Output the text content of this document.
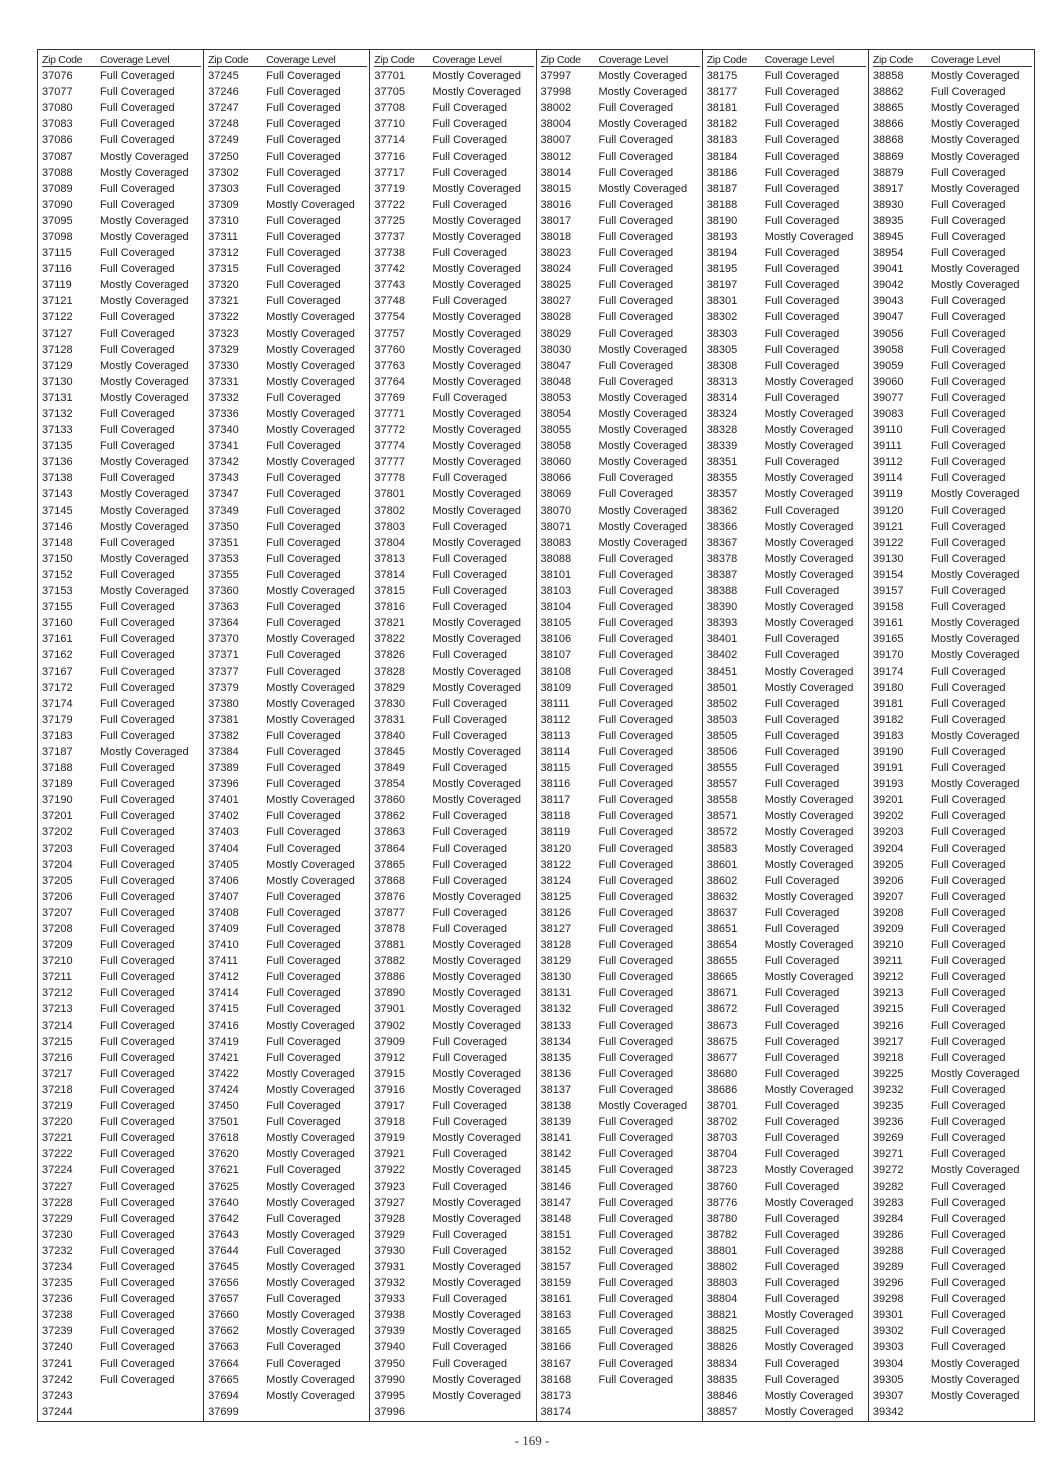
Zip Code	Coverage Level
37076	Full Coveraged
37077	Full Coveraged
37080	Full Coveraged
37083	Full Coveraged
37086	Full Coveraged
37087	Mostly Coveraged
37088	Mostly Coveraged
37089	Full Coveraged
37090	Full Coveraged
37095	Mostly Coveraged
37098	Mostly Coveraged
37115	Full Coveraged
37116	Full Coveraged
37119	Mostly Coveraged
37121	Mostly Coveraged
37122	Full Coveraged
37127	Full Coveraged
37128	Full Coveraged
37129	Mostly Coveraged
37130	Mostly Coveraged
37131	Mostly Coveraged
37132	Full Coveraged
37133	Full Coveraged
37135	Full Coveraged
37136	Mostly Coveraged
37138	Full Coveraged
37143	Mostly Coveraged
37145	Mostly Coveraged
37146	Mostly Coveraged
37148	Full Coveraged
37150	Mostly Coveraged
37152	Full Coveraged
37153	Mostly Coveraged
37155	Full Coveraged
37160	Full Coveraged
37161	Full Coveraged
37162	Full Coveraged
37167	Full Coveraged
37172	Full Coveraged
37174	Full Coveraged
37179	Full Coveraged
37183	Full Coveraged
37187	Mostly Coveraged
37188	Full Coveraged
37189	Full Coveraged
37190	Full Coveraged
37201	Full Coveraged
37202	Full Coveraged
37203	Full Coveraged
37204	Full Coveraged
37205	Full Coveraged
37206	Full Coveraged
37207	Full Coveraged
37208	Full Coveraged
37209	Full Coveraged
37210	Full Coveraged
37211	Full Coveraged
37212	Full Coveraged
37213	Full Coveraged
37214	Full Coveraged
37215	Full Coveraged
37216	Full Coveraged
37217	Full Coveraged
37218	Full Coveraged
37219	Full Coveraged
37220	Full Coveraged
37221	Full Coveraged
37222	Full Coveraged
37224	Full Coveraged
37227	Full Coveraged
37228	Full Coveraged
37229	Full Coveraged
37230	Full Coveraged
37232	Full Coveraged
37234	Full Coveraged
37235	Full Coveraged
37236	Full Coveraged
37238	Full Coveraged
37239	Full Coveraged
37240	Full Coveraged
37241	Full Coveraged
37242	Full Coveraged
37243
37244
Zip Code	Coverage Level
37245	Full Coveraged
37246	Full Coveraged
37247	Full Coveraged
37248	Full Coveraged
37249	Full Coveraged
37250	Full Coveraged
37302	Full Coveraged
37303	Full Coveraged
37309	Mostly Coveraged
37310	Full Coveraged
37311	Full Coveraged
37312	Full Coveraged
37315	Full Coveraged
37320	Full Coveraged
37321	Full Coveraged
37322	Mostly Coveraged
37323	Mostly Coveraged
37329	Mostly Coveraged
37330	Mostly Coveraged
37331	Mostly Coveraged
37332	Full Coveraged
37336	Mostly Coveraged
37340	Mostly Coveraged
37341	Full Coveraged
37342	Mostly Coveraged
37343	Full Coveraged
37347	Full Coveraged
37349	Full Coveraged
37350	Full Coveraged
37351	Full Coveraged
37353	Full Coveraged
37355	Full Coveraged
37360	Mostly Coveraged
37363	Full Coveraged
37364	Full Coveraged
37370	Mostly Coveraged
37371	Full Coveraged
37377	Full Coveraged
37379	Mostly Coveraged
37380	Mostly Coveraged
37381	Mostly Coveraged
37382	Full Coveraged
37384	Full Coveraged
37389	Full Coveraged
37396	Full Coveraged
37401	Mostly Coveraged
37402	Full Coveraged
37403	Full Coveraged
37404	Full Coveraged
37405	Mostly Coveraged
37406	Mostly Coveraged
37407	Full Coveraged
37408	Full Coveraged
37409	Full Coveraged
37410	Full Coveraged
37411	Full Coveraged
37412	Full Coveraged
37414	Full Coveraged
37415	Full Coveraged
37416	Mostly Coveraged
37419	Full Coveraged
37421	Full Coveraged
37422	Mostly Coveraged
37424	Mostly Coveraged
37450	Full Coveraged
37501	Full Coveraged
37618	Mostly Coveraged
37620	Mostly Coveraged
37621	Full Coveraged
37625	Mostly Coveraged
37640	Mostly Coveraged
37642	Full Coveraged
37643	Mostly Coveraged
37644	Full Coveraged
37645	Mostly Coveraged
37656	Mostly Coveraged
37657	Full Coveraged
37660	Mostly Coveraged
37662	Mostly Coveraged
37663	Full Coveraged
37664	Full Coveraged
37665	Mostly Coveraged
37694	Mostly Coveraged
37699
Zip Code	Coverage Level
37701	Mostly Coveraged
37705	Mostly Coveraged
37708	Full Coveraged
37710	Full Coveraged
37714	Full Coveraged
37716	Full Coveraged
37717	Full Coveraged
37719	Mostly Coveraged
37722	Full Coveraged
37725	Mostly Coveraged
37737	Mostly Coveraged
37738	Full Coveraged
37742	Mostly Coveraged
37743	Mostly Coveraged
37748	Full Coveraged
37754	Mostly Coveraged
37757	Mostly Coveraged
37760	Mostly Coveraged
37763	Mostly Coveraged
37764	Mostly Coveraged
37769	Full Coveraged
37771	Mostly Coveraged
37772	Mostly Coveraged
37774	Mostly Coveraged
37777	Mostly Coveraged
37778	Full Coveraged
37801	Mostly Coveraged
37802	Mostly Coveraged
37803	Full Coveraged
37804	Mostly Coveraged
37813	Full Coveraged
37814	Full Coveraged
37815	Full Coveraged
37816	Full Coveraged
37821	Mostly Coveraged
37822	Mostly Coveraged
37826	Full Coveraged
37828	Mostly Coveraged
37829	Mostly Coveraged
37830	Full Coveraged
37831	Full Coveraged
37840	Full Coveraged
37845	Mostly Coveraged
37849	Full Coveraged
37854	Mostly Coveraged
37860	Mostly Coveraged
37862	Full Coveraged
37863	Full Coveraged
37864	Full Coveraged
37865	Full Coveraged
37868	Full Coveraged
37876	Mostly Coveraged
37877	Full Coveraged
37878	Full Coveraged
37881	Mostly Coveraged
37882	Mostly Coveraged
37886	Mostly Coveraged
37890	Mostly Coveraged
37901	Mostly Coveraged
37902	Mostly Coveraged
37909	Full Coveraged
37912	Full Coveraged
37915	Mostly Coveraged
37916	Mostly Coveraged
37917	Full Coveraged
37918	Full Coveraged
37919	Mostly Coveraged
37921	Full Coveraged
37922	Mostly Coveraged
37923	Full Coveraged
37927	Mostly Coveraged
37928	Mostly Coveraged
37929	Full Coveraged
37930	Full Coveraged
37931	Mostly Coveraged
37932	Mostly Coveraged
37933	Full Coveraged
37938	Mostly Coveraged
37939	Mostly Coveraged
37940	Full Coveraged
37950	Full Coveraged
37990	Mostly Coveraged
37995	Mostly Coveraged
37996
Zip Code	Coverage Level
37997	Mostly Coveraged
37998	Mostly Coveraged
38002	Full Coveraged
38004	Mostly Coveraged
38007	Full Coveraged
38012	Full Coveraged
38014	Full Coveraged
38015	Mostly Coveraged
38016	Full Coveraged
38017	Full Coveraged
38018	Full Coveraged
38023	Full Coveraged
38024	Full Coveraged
38025	Full Coveraged
38027	Full Coveraged
38028	Full Coveraged
38029	Full Coveraged
38030	Mostly Coveraged
38047	Full Coveraged
38048	Full Coveraged
38053	Mostly Coveraged
38054	Mostly Coveraged
38055	Mostly Coveraged
38058	Mostly Coveraged
38060	Mostly Coveraged
38066	Full Coveraged
38069	Full Coveraged
38070	Mostly Coveraged
38071	Mostly Coveraged
38083	Mostly Coveraged
38088	Full Coveraged
38101	Full Coveraged
38103	Full Coveraged
38104	Full Coveraged
38105	Full Coveraged
38106	Full Coveraged
38107	Full Coveraged
38108	Full Coveraged
38109	Full Coveraged
38111	Full Coveraged
38112	Full Coveraged
38113	Full Coveraged
38114	Full Coveraged
38115	Full Coveraged
38116	Full Coveraged
38117	Full Coveraged
38118	Full Coveraged
38119	Full Coveraged
38120	Full Coveraged
38122	Full Coveraged
38124	Full Coveraged
38125	Full Coveraged
38126	Full Coveraged
38127	Full Coveraged
38128	Full Coveraged
38129	Full Coveraged
38130	Full Coveraged
38131	Full Coveraged
38132	Full Coveraged
38133	Full Coveraged
38134	Full Coveraged
38135	Full Coveraged
38136	Full Coveraged
38137	Full Coveraged
38138	Mostly Coveraged
38139	Full Coveraged
38141	Full Coveraged
38142	Full Coveraged
38145	Full Coveraged
38146	Full Coveraged
38147	Full Coveraged
38148	Full Coveraged
38151	Full Coveraged
38152	Full Coveraged
38157	Full Coveraged
38159	Full Coveraged
38161	Full Coveraged
38163	Full Coveraged
38165	Full Coveraged
38166	Full Coveraged
38167	Full Coveraged
38168	Full Coveraged
38173
38174
Zip Code	Coverage Level
38175	Full Coveraged
38177	Full Coveraged
38181	Full Coveraged
38182	Full Coveraged
38183	Full Coveraged
38184	Full Coveraged
38186	Full Coveraged
38187	Full Coveraged
38188	Full Coveraged
38190	Full Coveraged
38193	Mostly Coveraged
38194	Full Coveraged
38195	Full Coveraged
38197	Full Coveraged
38301	Full Coveraged
38302	Full Coveraged
38303	Full Coveraged
38305	Full Coveraged
38308	Full Coveraged
38313	Mostly Coveraged
38314	Full Coveraged
38324	Mostly Coveraged
38328	Mostly Coveraged
38339	Mostly Coveraged
38351	Full Coveraged
38355	Mostly Coveraged
38357	Mostly Coveraged
38362	Full Coveraged
38366	Mostly Coveraged
38367	Mostly Coveraged
38378	Mostly Coveraged
38387	Mostly Coveraged
38388	Full Coveraged
38390	Mostly Coveraged
38393	Mostly Coveraged
38401	Full Coveraged
38402	Full Coveraged
38451	Mostly Coveraged
38501	Mostly Coveraged
38502	Full Coveraged
38503	Full Coveraged
38505	Full Coveraged
38506	Full Coveraged
38555	Full Coveraged
38557	Full Coveraged
38558	Mostly Coveraged
38571	Mostly Coveraged
38572	Mostly Coveraged
38583	Mostly Coveraged
38601	Mostly Coveraged
38602	Full Coveraged
38632	Mostly Coveraged
38637	Full Coveraged
38651	Full Coveraged
38654	Mostly Coveraged
38655	Full Coveraged
38665	Mostly Coveraged
38671	Full Coveraged
38672	Full Coveraged
38673	Full Coveraged
38675	Full Coveraged
38677	Full Coveraged
38680	Full Coveraged
38686	Mostly Coveraged
38701	Full Coveraged
38702	Full Coveraged
38703	Full Coveraged
38704	Full Coveraged
38723	Mostly Coveraged
38760	Full Coveraged
38776	Mostly Coveraged
38780	Full Coveraged
38782	Full Coveraged
38801	Full Coveraged
38802	Full Coveraged
38803	Full Coveraged
38804	Full Coveraged
38821	Mostly Coveraged
38825	Full Coveraged
38826	Mostly Coveraged
38834	Full Coveraged
38835	Full Coveraged
38846	Mostly Coveraged
38857	Mostly Coveraged
Zip Code	Coverage Level
38858	Mostly Coveraged
38862	Full Coveraged
38865	Mostly Coveraged
38866	Mostly Coveraged
38868	Mostly Coveraged
38869	Mostly Coveraged
38879	Full Coveraged
38917	Mostly Coveraged
38930	Full Coveraged
38935	Full Coveraged
38945	Full Coveraged
38954	Full Coveraged
39041	Mostly Coveraged
39042	Mostly Coveraged
39043	Full Coveraged
39047	Full Coveraged
39056	Full Coveraged
39058	Full Coveraged
39059	Full Coveraged
39060	Full Coveraged
39077	Full Coveraged
39083	Full Coveraged
39110	Full Coveraged
39111	Full Coveraged
39112	Full Coveraged
39114	Full Coveraged
39119	Mostly Coveraged
39120	Full Coveraged
39121	Full Coveraged
39122	Full Coveraged
39130	Full Coveraged
39154	Mostly Coveraged
39157	Full Coveraged
39158	Full Coveraged
39161	Mostly Coveraged
39165	Mostly Coveraged
39170	Mostly Coveraged
39174	Full Coveraged
39180	Full Coveraged
39181	Full Coveraged
39182	Full Coveraged
39183	Mostly Coveraged
39190	Full Coveraged
39191	Full Coveraged
39193	Mostly Coveraged
39201	Full Coveraged
39202	Full Coveraged
39203	Full Coveraged
39204	Full Coveraged
39205	Full Coveraged
39206	Full Coveraged
39207	Full Coveraged
39208	Full Coveraged
39209	Full Coveraged
39210	Full Coveraged
39211	Full Coveraged
39212	Full Coveraged
39213	Full Coveraged
39215	Full Coveraged
39216	Full Coveraged
39217	Full Coveraged
39218	Full Coveraged
39225	Mostly Coveraged
39232	Full Coveraged
39235	Full Coveraged
39236	Full Coveraged
39269	Full Coveraged
39271	Full Coveraged
39272	Mostly Coveraged
39282	Full Coveraged
39283	Full Coveraged
39284	Full Coveraged
39286	Full Coveraged
39288	Full Coveraged
39289	Full Coveraged
39296	Full Coveraged
39298	Full Coveraged
39301	Full Coveraged
39302	Full Coveraged
39303	Full Coveraged
39304	Mostly Coveraged
39305	Mostly Coveraged
39307	Mostly Coveraged
39342
- 169 -
